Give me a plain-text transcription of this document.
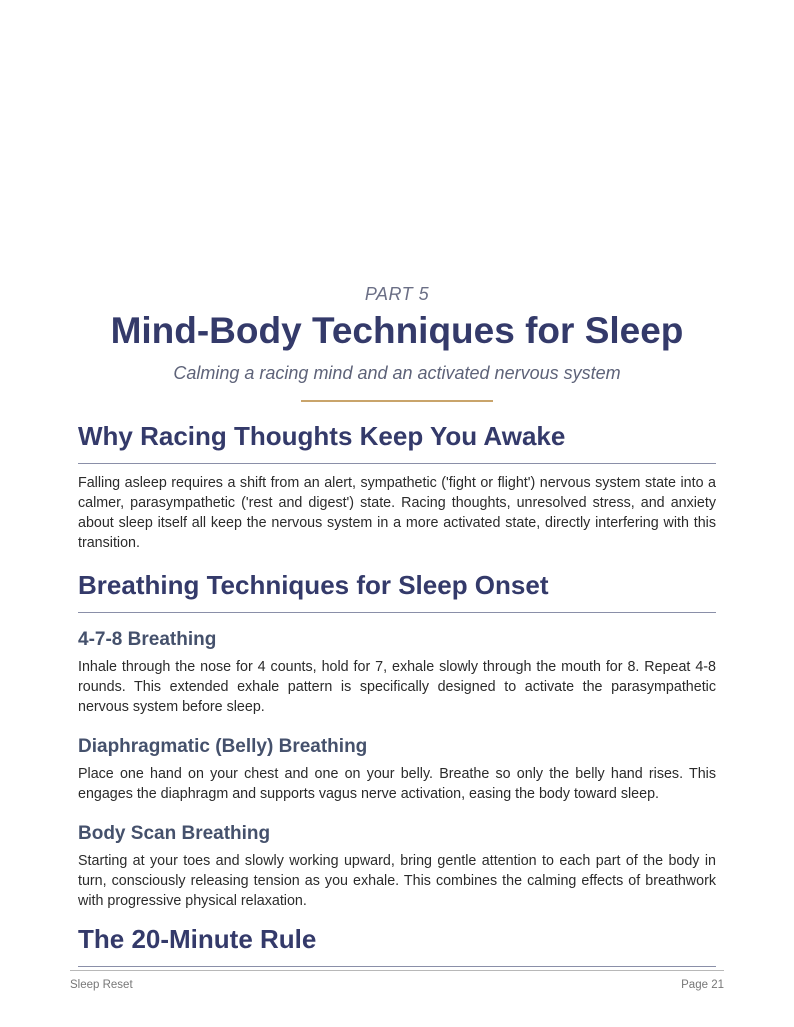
PART 5
Mind-Body Techniques for Sleep
Calming a racing mind and an activated nervous system
Why Racing Thoughts Keep You Awake

Falling asleep requires a shift from an alert, sympathetic ('fight or flight') nervous system state into a calmer, parasympathetic ('rest and digest') state. Racing thoughts, unresolved stress, and anxiety about sleep itself all keep the nervous system in a more activated state, directly interfering with this transition.

Breathing Techniques for Sleep Onset
4-7-8 Breathing

Inhale through the nose for 4 counts, hold for 7, exhale slowly through the mouth for 8. Repeat 4-8 rounds. This extended exhale pattern is specifically designed to activate the parasympathetic nervous system before sleep.

Diaphragmatic (Belly) Breathing

Place one hand on your chest and one on your belly. Breathe so only the belly hand rises. This engages the diaphragm and supports vagus nerve activation, easing the body toward sleep.

Body Scan Breathing

Starting at your toes and slowly working upward, bring gentle attention to each part of the body in turn, consciously releasing tension as you exhale. This combines the calming effects of breathwork with progressive physical relaxation.

The 20-Minute Rule
Sleep Reset	Page 21
